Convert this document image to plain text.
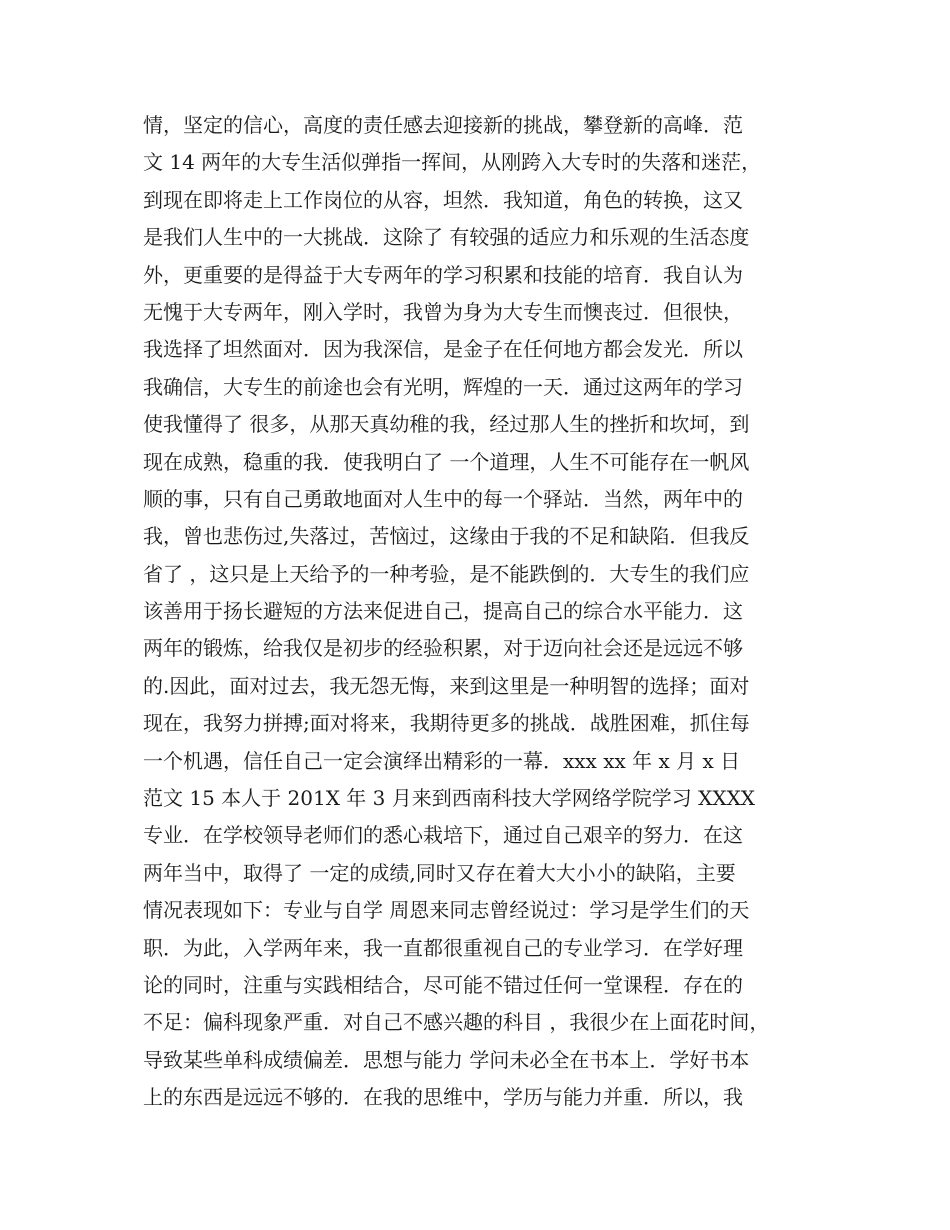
情，坚定的信心，高度的责任感去迎接新的挑战，攀登新的高峰．范
文 14 两年的大专生活似弹指一挥间，从刚跨入大专时的失落和迷茫，
到现在即将走上工作岗位的从容，坦然．我知道，角色的转换，这又
是我们人生中的一大挑战．这除了 有较强的适应力和乐观的生活态度
外，更重要的是得益于大专两年的学习积累和技能的培育．我自认为
无愧于大专两年，刚入学时，我曾为身为大专生而懊丧过．但很快，
我选择了坦然面对．因为我深信，是金子在任何地方都会发光．所以
我确信，大专生的前途也会有光明，辉煌的一天．通过这两年的学习
使我懂得了 很多，从那天真幼稚的我，经过那人生的挫折和坎坷，到
现在成熟，稳重的我．使我明白了 一个道理，人生不可能存在一帆风
顺的事，只有自己勇敢地面对人生中的每一个驿站．当然，两年中的
我，曾也悲伤过,失落过，苦恼过，这缘由于我的不足和缺陷．但我反
省了 ，这只是上天给予的一种考验，是不能跌倒的．大专生的我们应
该善用于扬长避短的方法来促进自己，提高自己的综合水平能力．这
两年的锻炼，给我仅是初步的经验积累，对于迈向社会还是远远不够
的.因此，面对过去，我无怨无悔，来到这里是一种明智的选择；面对
现在，我努力拼搏;面对将来，我期待更多的挑战．战胜困难，抓住每
一个机遇，信任自己一定会演绎出精彩的一幕．xxx xx 年 x 月 x 日
范文 15 本人于 201X 年 3 月来到西南科技大学网络学院学习 XXXX
专业．在学校领导老师们的悉心栽培下，通过自己艰辛的努力．在这
两年当中，取得了 一定的成绩,同时又存在着大大小小的缺陷，主要
情况表现如下：专业与自学 周恩来同志曾经说过：学习是学生们的天
职．为此，入学两年来，我一直都很重视自己的专业学习．在学好理
论的同时，注重与实践相结合，尽可能不错过任何一堂课程．存在的
不足：偏科现象严重．对自己不感兴趣的科目 ，我很少在上面花时间，
导致某些单科成绩偏差．思想与能力 学问未必全在书本上．学好书本
上的东西是远远不够的．在我的思维中，学历与能力并重．所以，我
